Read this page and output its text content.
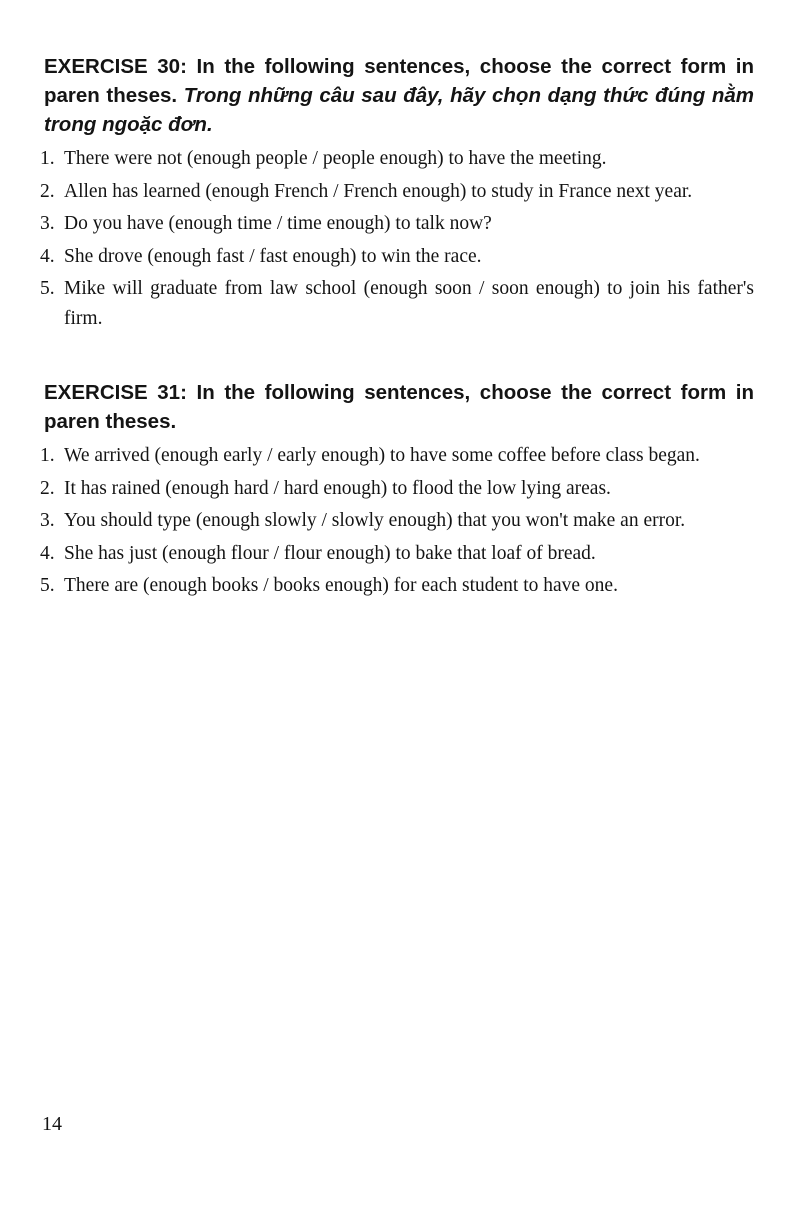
EXERCISE 30: In the following sentences, choose the correct form in paren theses. Trong những câu sau đây, hãy chọn dạng thức đúng nằm trong ngoặc đơn.

1. There were not (enough people / people enough) to have the meeting.
2. Allen has learned (enough French / French enough) to study in France next year.
3. Do you have (enough time / time enough) to talk now?
4. She drove (enough fast / fast enough) to win the race.
5. Mike will graduate from law school (enough soon / soon enough) to join his father's firm.

EXERCISE 31: In the following sentences, choose the correct form in paren theses.

1. We arrived (enough early / early enough) to have some coffee before class began.
2. It has rained (enough hard / hard enough) to flood the low lying areas.
3. You should type (enough slowly / slowly enough) that you won't make an error.
4. She has just (enough flour / flour enough) to bake that loaf of bread.
5. There are (enough books / books enough) for each student to have one.
14
